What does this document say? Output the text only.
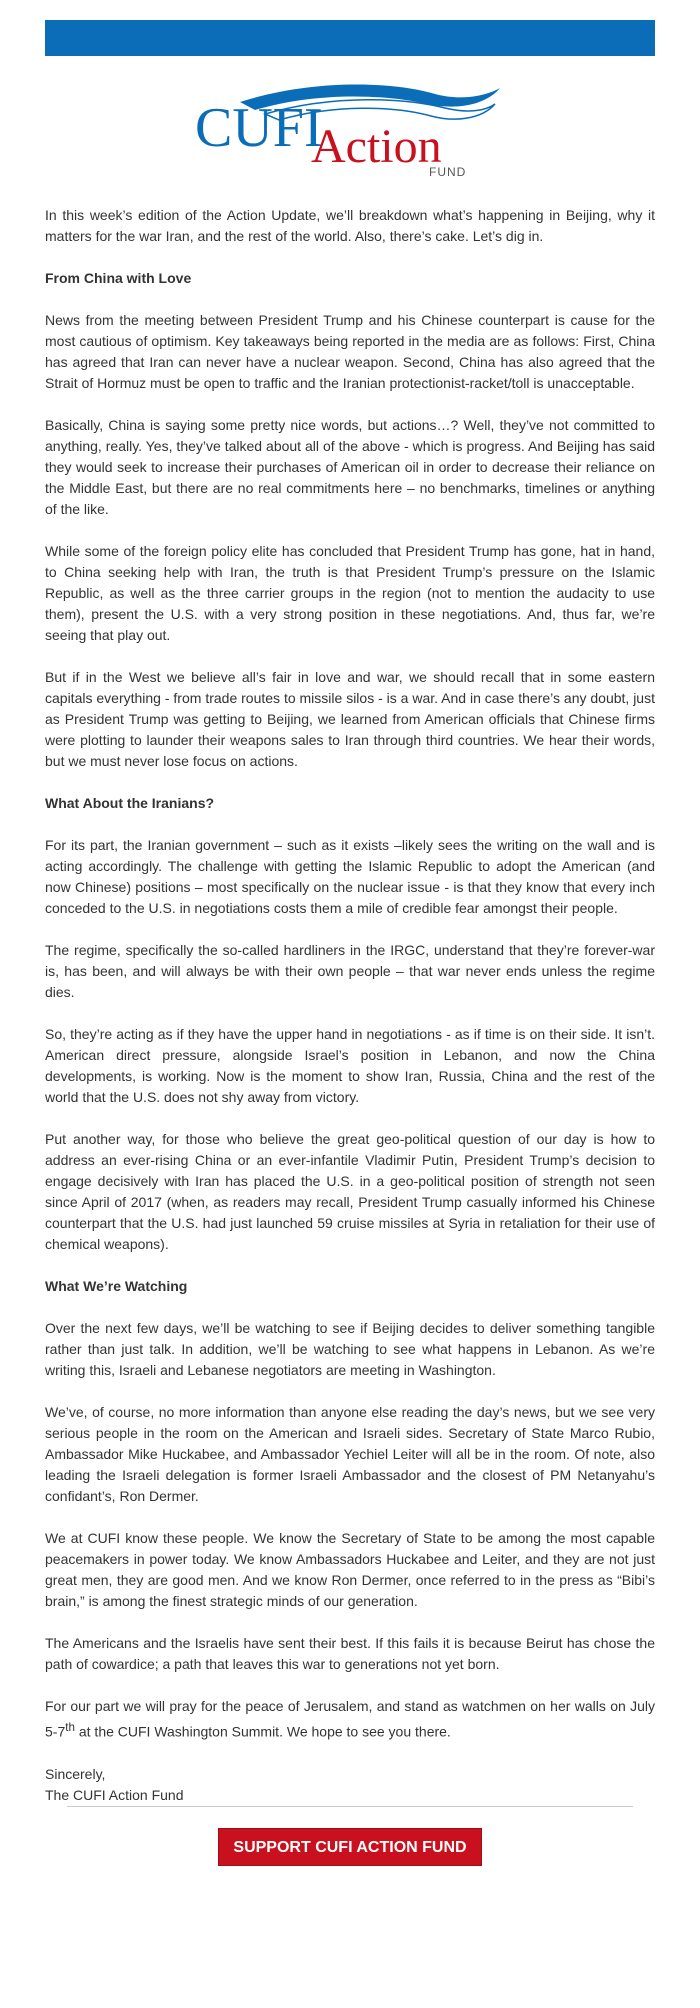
CUFI
Action
FUND

In this week’s edition of the Action Update, we’ll breakdown what’s happening in Beijing, why it matters for the war Iran, and the rest of the world. Also, there’s cake. Let’s dig in.

From China with Love

News from the meeting between President Trump and his Chinese counterpart is cause for the most cautious of optimism. Key takeaways being reported in the media are as follows: First, China has agreed that Iran can never have a nuclear weapon. Second, China has also agreed that the Strait of Hormuz must be open to traffic and the Iranian protectionist-racket/toll is unacceptable.

Basically, China is saying some pretty nice words, but actions…? Well, they’ve not committed to anything, really. Yes, they’ve talked about all of the above - which is progress. And Beijing has said they would seek to increase their purchases of American oil in order to decrease their reliance on the Middle East, but there are no real commitments here – no benchmarks, timelines or anything of the like.

While some of the foreign policy elite has concluded that President Trump has gone, hat in hand, to China seeking help with Iran, the truth is that President Trump’s pressure on the Islamic Republic, as well as the three carrier groups in the region (not to mention the audacity to use them), present the U.S. with a very strong position in these negotiations. And, thus far, we’re seeing that play out.

But if in the West we believe all’s fair in love and war, we should recall that in some eastern capitals everything - from trade routes to missile silos - is a war. And in case there’s any doubt, just as President Trump was getting to Beijing, we learned from American officials that Chinese firms were plotting to launder their weapons sales to Iran through third countries. We hear their words, but we must never lose focus on actions.

What About the Iranians?

For its part, the Iranian government – such as it exists –likely sees the writing on the wall and is acting accordingly. The challenge with getting the Islamic Republic to adopt the American (and now Chinese) positions – most specifically on the nuclear issue - is that they know that every inch conceded to the U.S. in negotiations costs them a mile of credible fear amongst their people.

The regime, specifically the so-called hardliners in the IRGC, understand that they’re forever-war is, has been, and will always be with their own people – that war never ends unless the regime dies.

So, they’re acting as if they have the upper hand in negotiations - as if time is on their side. It isn’t. American direct pressure, alongside Israel’s position in Lebanon, and now the China developments, is working. Now is the moment to show Iran, Russia, China and the rest of the world that the U.S. does not shy away from victory.

Put another way, for those who believe the great geo-political question of our day is how to address an ever-rising China or an ever-infantile Vladimir Putin, President Trump’s decision to engage decisively with Iran has placed the U.S. in a geo-political position of strength not seen since April of 2017 (when, as readers may recall, President Trump casually informed his Chinese counterpart that the U.S. had just launched 59 cruise missiles at Syria in retaliation for their use of chemical weapons).

What We’re Watching

Over the next few days, we’ll be watching to see if Beijing decides to deliver something tangible rather than just talk. In addition, we’ll be watching to see what happens in Lebanon. As we’re writing this, Israeli and Lebanese negotiators are meeting in Washington.

We’ve, of course, no more information than anyone else reading the day’s news, but we see very serious people in the room on the American and Israeli sides. Secretary of State Marco Rubio, Ambassador Mike Huckabee, and Ambassador Yechiel Leiter will all be in the room. Of note, also leading the Israeli delegation is former Israeli Ambassador and the closest of PM Netanyahu’s confidant’s, Ron Dermer.

We at CUFI know these people. We know the Secretary of State to be among the most capable peacemakers in power today. We know Ambassadors Huckabee and Leiter, and they are not just great men, they are good men. And we know Ron Dermer, once referred to in the press as “Bibi’s brain,” is among the finest strategic minds of our generation.

The Americans and the Israelis have sent their best. If this fails it is because Beirut has chose the path of cowardice; a path that leaves this war to generations not yet born.

For our part we will pray for the peace of Jerusalem, and stand as watchmen on her walls on July 5-7th at the CUFI Washington Summit. We hope to see you there.

Sincerely,

The CUFI Action Fund

SUPPORT CUFI ACTION FUND
